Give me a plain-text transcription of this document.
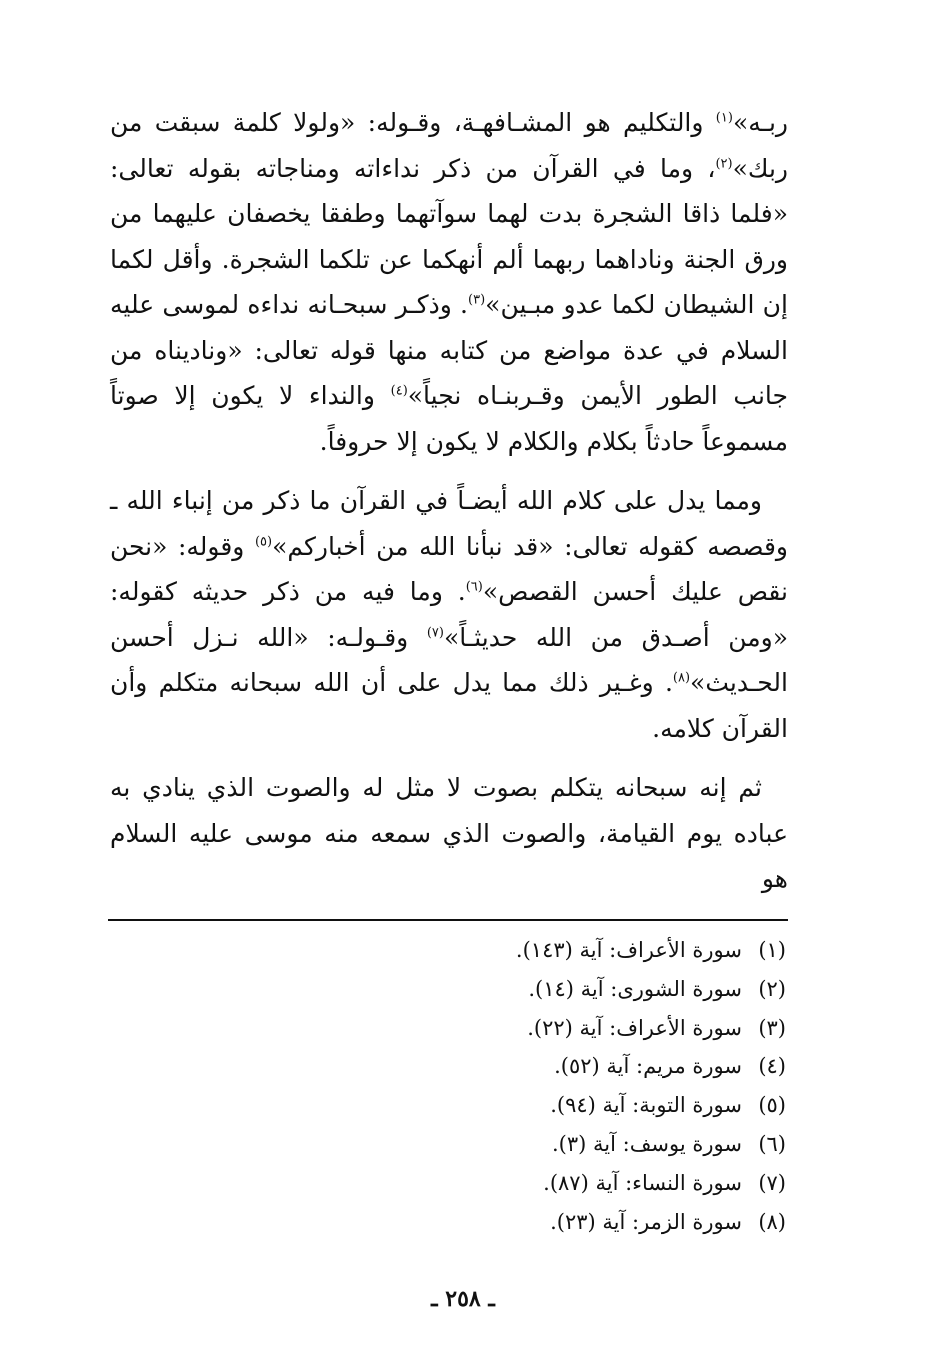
ربـه»$^{(١)}$ والتكليم هو المشـافهـة، وقـوله: «ولولا كلمة سبقت من ربك»$^{(٢)}$، وما في القرآن من ذكر نداءاته ومناجاته بقوله تعالى: «فلما ذاقا الشجرة بدت لهما سوآتهما وطفقا يخصفان عليهما من ورق الجنة وناداهما ربهما ألم أنهكما عن تلكما الشجرة. وأقل لكما إن الشيطان لكما عدو مبـين»$^{(٣)}$. وذكـر سبحـانه نداءه لموسى عليه السلام في عدة مواضع من كتابه منها قوله تعالى: «وناديناه من جانب الطور الأيمن وقـربنـاه نجياً»$^{(٤)}$ والنداء لا يكون إلا صوتاً مسموعاً حادثاً بكلام والكلام لا يكون إلا حروفاً.

ومما يدل على كلام الله أيضـاً في القرآن ما ذكر من إنباء الله ـ وقصصه كقوله تعالى: «قد نبأنا الله من أخباركم»$^{(٥)}$ وقوله: «نحن نقص عليك أحسن القصص»$^{(٦)}$. وما فيه من ذكر حديثه كقوله: «ومن أصـدق من الله حديثـاً»$^{(٧)}$ وقـولـه: «الله نـزل أحسن الحـديث»$^{(٨)}$. وغـير ذلك مما يدل على أن الله سبحانه متكلم وأن القرآن كلامه.

ثم إنه سبحانه يتكلم بصوت لا مثل له والصوت الذي ينادي به عباده يوم القيامة، والصوت الذي سمعه منه موسى عليه السلام هو

(١)سورة الأعراف: آية (١٤٣).
(٢)سورة الشورى: آية (١٤).
(٣)سورة الأعراف: آية (٢٢).
(٤)سورة مريم: آية (٥٢).
(٥)سورة التوبة: آية (٩٤).
(٦)سورة يوسف: آية (٣).
(٧)سورة النساء: آية (٨٧).
(٨)سورة الزمر: آية (٢٣).
ـ ٢٥٨ ـ
